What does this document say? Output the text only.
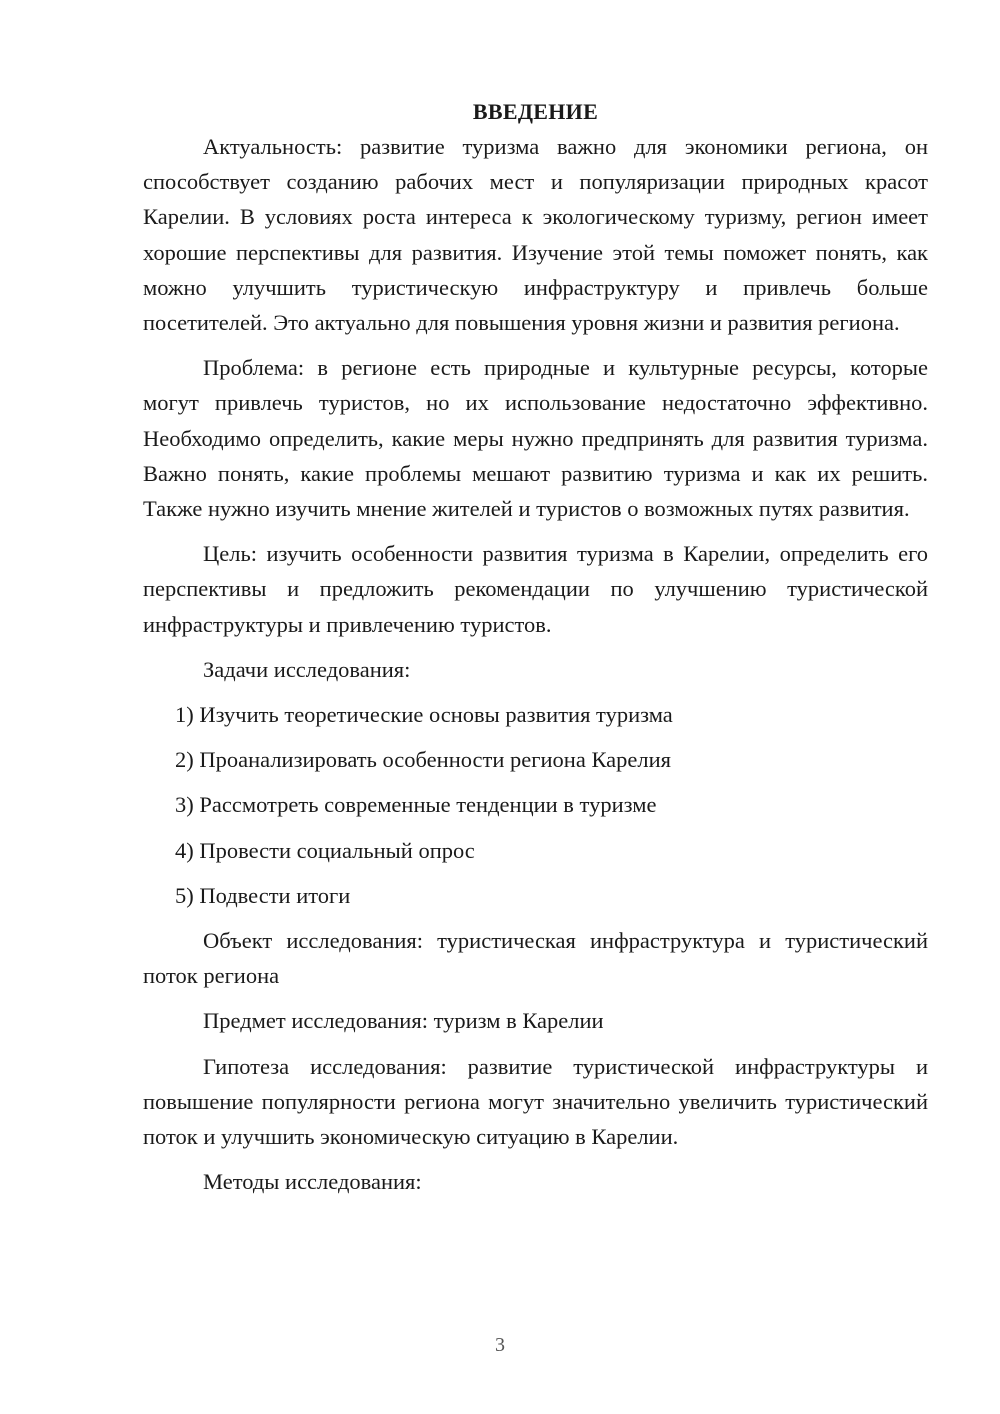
ВВЕДЕНИЕ

Актуальность: развитие туризма важно для экономики региона, он способствует созданию рабочих мест и популяризации природных красот Карелии. В условиях роста интереса к экологическому туризму, регион имеет хорошие перспективы для развития. Изучение этой темы поможет понять, как можно улучшить туристическую инфраструктуру и привлечь больше посетителей. Это актуально для повышения уровня жизни и развития региона.

Проблема: в регионе есть природные и культурные ресурсы, которые могут привлечь туристов, но их использование недостаточно эффективно. Необходимо определить, какие меры нужно предпринять для развития туризма. Важно понять, какие проблемы мешают развитию туризма и как их решить. Также нужно изучить мнение жителей и туристов о возможных путях развития.

Цель: изучить особенности развития туризма в Карелии, определить его перспективы и предложить рекомендации по улучшению туристической инфраструктуры и привлечению туристов.

Задачи исследования:

1) Изучить теоретические основы развития туризма

2) Проанализировать особенности региона Карелия

3) Рассмотреть современные тенденции в туризме

4) Провести социальный опрос

5) Подвести итоги

Объект исследования: туристическая инфраструктура и туристический поток региона

Предмет исследования: туризм в Карелии

Гипотеза исследования: развитие туристической инфраструктуры и повышение популярности региона могут значительно увеличить туристический поток и улучшить экономическую ситуацию в Карелии.

Методы исследования:

3
